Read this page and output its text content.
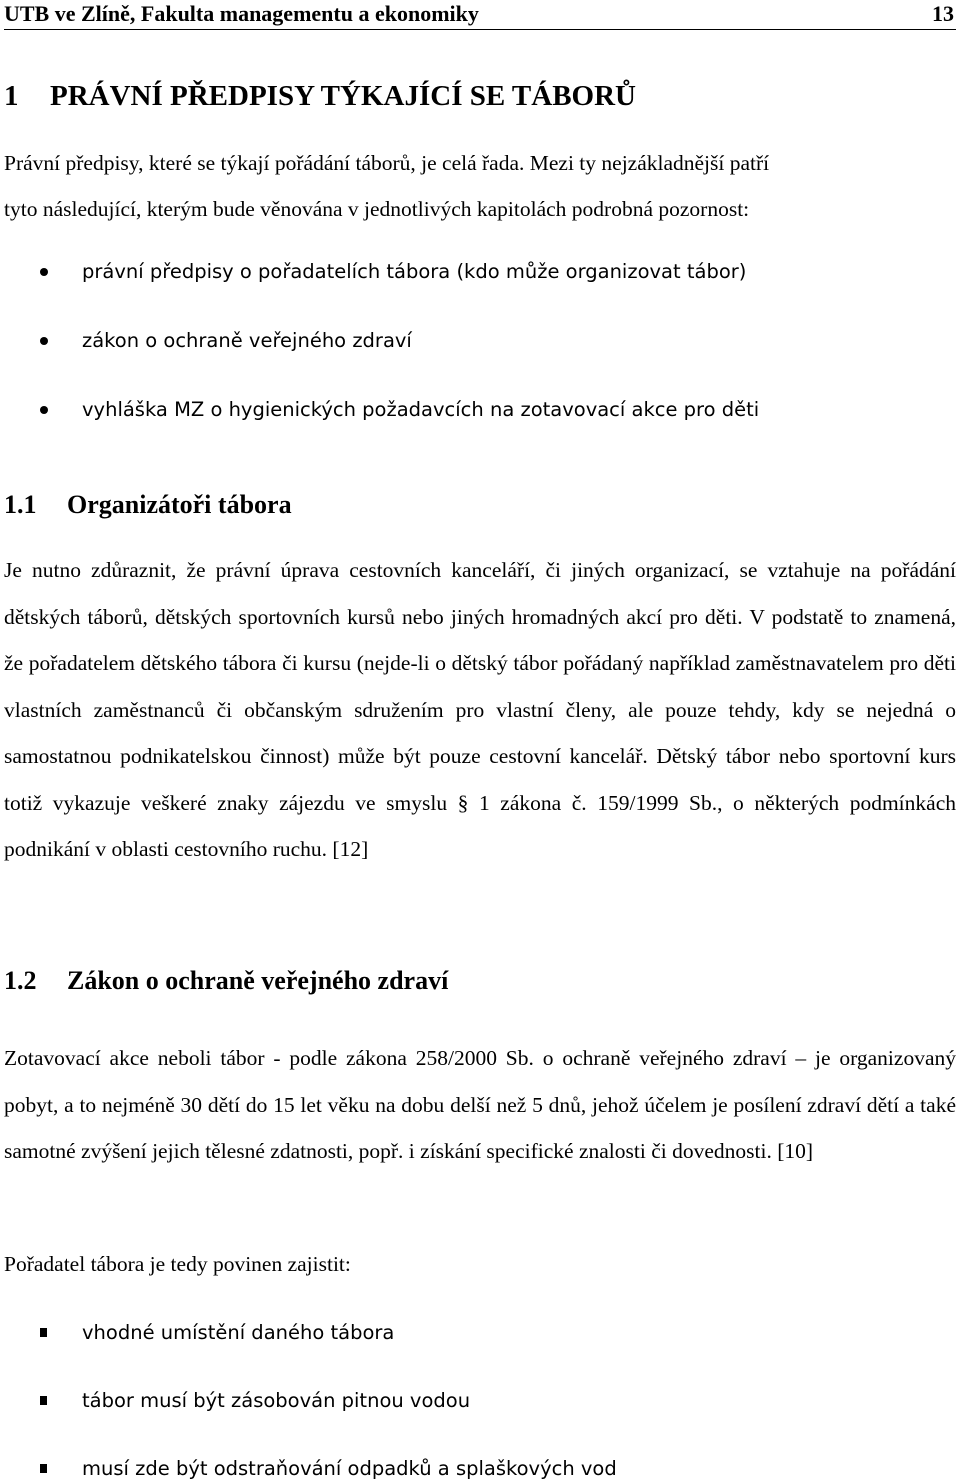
UTB ve Zlíně, Fakulta managementu a ekonomiky	13
1 PRÁVNÍ PŘEDPISY TÝKAJÍCÍ SE TÁBORŮ
Právní předpisy, které se týkají pořádání táborů, je celá řada. Mezi ty nejzákladnější patří
tyto následující, kterým bude věnována v jednotlivých kapitolách podrobná pozornost:
právní předpisy o pořadatelích tábora (kdo může organizovat tábor)
zákon o ochraně veřejného zdraví
vyhláška MZ o hygienických požadavcích na zotavovací akce pro děti
1.1 Organizátoři tábora

Je nutno zdůraznit, že právní úprava cestovních kanceláří, či jiných organizací, se vztahuje na pořádání dětských táborů, dětských sportovních kursů nebo jiných hromadných akcí pro děti. V podstatě to znamená, že pořadatelem dětského tábora či kursu (nejde-li o dětský tábor pořádaný například zaměstnavatelem pro děti vlastních zaměstnanců či občanským sdružením pro vlastní členy, ale pouze tehdy, kdy se nejedná o samostatnou podnikatelskou činnost) může být pouze cestovní kancelář. Dětský tábor nebo sportovní kurs totiž vykazuje veškeré znaky zájezdu ve smyslu § 1 zákona č. 159/1999 Sb., o některých podmínkách podnikání v oblasti cestovního ruchu. [12]

1.2 Zákon o ochraně veřejného zdraví

Zotavovací akce neboli tábor - podle zákona 258/2000 Sb. o ochraně veřejného zdraví – je organizovaný pobyt, a to nejméně 30 dětí do 15 let věku na dobu delší než 5 dnů, jehož účelem je posílení zdraví dětí a také samotné zvýšení jejich tělesné zdatnosti, popř. i získání specifické znalosti či dovednosti. [10]

Pořadatel tábora je tedy povinen zajistit:
vhodné umístění daného tábora
tábor musí být zásobován pitnou vodou
musí zde být odstraňování odpadků a splaškových vod
